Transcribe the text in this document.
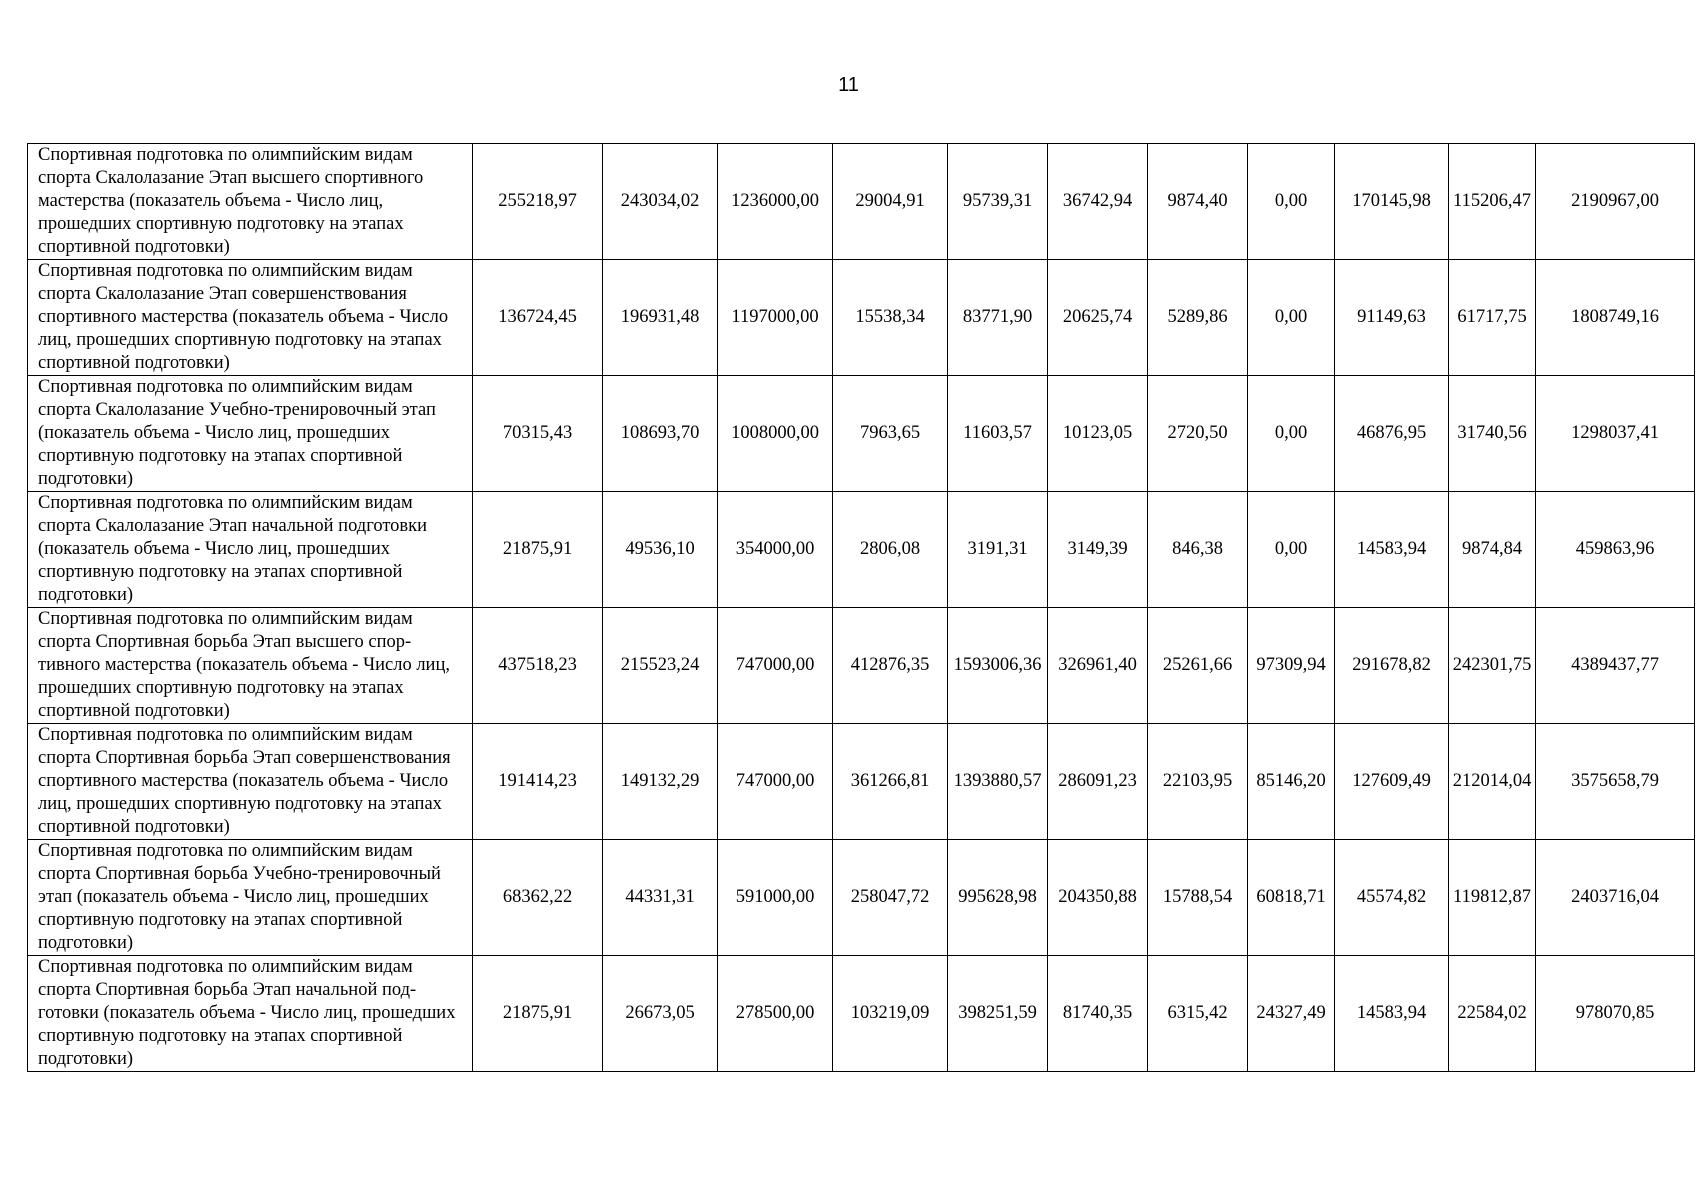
11
Спортивная подготовка по олимпийским видам спорта Скалолазание Этап высшего спортивного мастерства (показатель объема - Число лиц, прошедших спортивную подготовку на этапах спортивной подготовки)	255218,97	243034,02	1236000,00	29004,91	95739,31	36742,94	9874,40	0,00	170145,98	115206,47	2190967,00
Спортивная подготовка по олимпийским видам спорта Скалолазание Этап совершенствования спортивного мастерства (показатель объема - Число лиц, прошедших спортивную подготовку на этапах спортивной подготовки)	136724,45	196931,48	1197000,00	15538,34	83771,90	20625,74	5289,86	0,00	91149,63	61717,75	1808749,16
Спортивная подготовка по олимпийским видам спорта Скалолазание Учебно-тренировочный этап (показатель объема - Число лиц, прошедших спортивную подготовку на этапах спортивной подготовки)	70315,43	108693,70	1008000,00	7963,65	11603,57	10123,05	2720,50	0,00	46876,95	31740,56	1298037,41
Спортивная подготовка по олимпийским видам спорта Скалолазание Этап начальной подготовки (показатель объема - Число лиц, прошедших спортивную подготовку на этапах спортивной подготовки)	21875,91	49536,10	354000,00	2806,08	3191,31	3149,39	846,38	0,00	14583,94	9874,84	459863,96
Спортивная подготовка по олимпийским видам спорта Спортивная борьба Этап высшего спортивного мастерства (показатель объема - Число лиц, прошедших спортивную подготовку на этапах спортивной подготовки)	437518,23	215523,24	747000,00	412876,35	1593006,36	326961,40	25261,66	97309,94	291678,82	242301,75	4389437,77
Спортивная подготовка по олимпийским видам спорта Спортивная борьба Этап совершенствования спортивного мастерства (показатель объема - Число лиц, прошедших спортивную подготовку на этапах спортивной подготовки)	191414,23	149132,29	747000,00	361266,81	1393880,57	286091,23	22103,95	85146,20	127609,49	212014,04	3575658,79
Спортивная подготовка по олимпийским видам спорта Спортивная борьба Учебно-тренировочный этап (показатель объема - Число лиц, прошедших спортивную подготовку на этапах спортивной подготовки)	68362,22	44331,31	591000,00	258047,72	995628,98	204350,88	15788,54	60818,71	45574,82	119812,87	2403716,04
Спортивная подготовка по олимпийским видам спорта Спортивная борьба Этап начальной подготовки (показатель объема - Число лиц, прошедших спортивную подготовку на этапах спортивной подготовки)	21875,91	26673,05	278500,00	103219,09	398251,59	81740,35	6315,42	24327,49	14583,94	22584,02	978070,85
